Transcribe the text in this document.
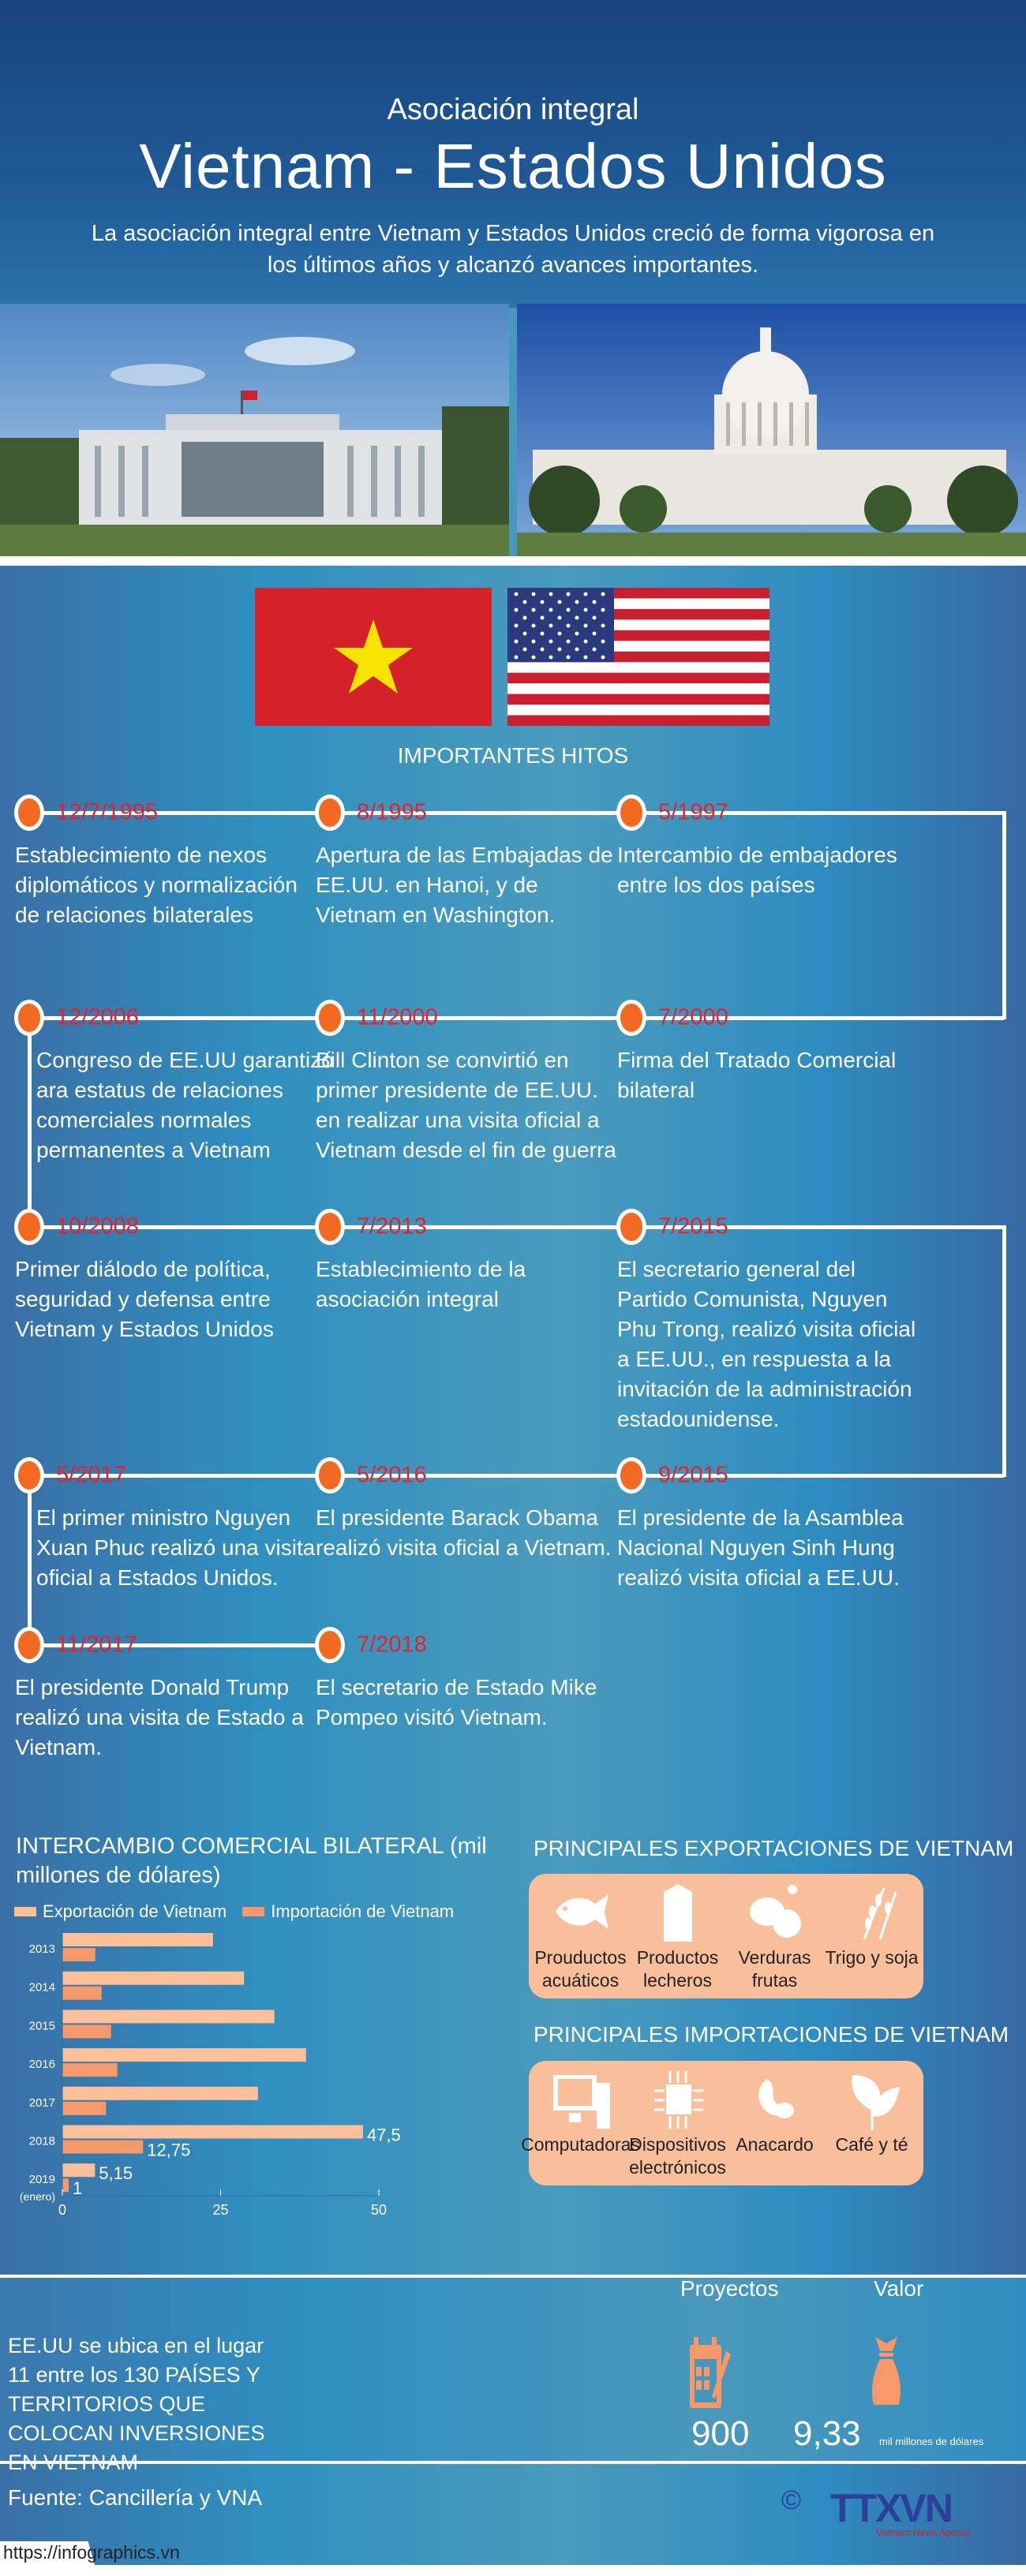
Asociación integral
Vietnam - Estados Unidos
La asociación integral entre Vietnam y Estados Unidos creció de forma vigorosa en los últimos años y alcanzó avances importantes.
IMPORTANTES HITOS
12/7/1995
Establecimiento de nexos diplomáticos y normalización de relaciones bilaterales
8/1995
Apertura de las Embajadas de EE.UU. en Hanoi, y de Vietnam en Washington.
5/1997
Intercambio de embajadores entre los dos países
7/2000
Firma del Tratado Comercial bilateral
11/2000
Bill Clinton se convirtió en primer presidente de EE.UU. en realizar una visita oficial a Vietnam desde el fin de guerra
12/2006
Congreso de EE.UU garantizó ara estatus de relaciones comerciales normales permanentes a Vietnam
10/2008
Primer diálodo de política, seguridad y defensa entre Vietnam y Estados Unidos
7/2013
Establecimiento de la asociación integral
7/2015
El secretario general del Partido Comunista, Nguyen Phu Trong, realizó visita oficial a EE.UU., en respuesta a la invitación de la administración estadounidense.
9/2015
El presidente de la Asamblea Nacional Nguyen Sinh Hung realizó visita oficial a EE.UU.
5/2016
El presidente Barack Obama realizó visita oficial a Vietnam.
5/2017
El primer ministro Nguyen Xuan Phuc realizó una visita oficial a Estados Unidos.
11/2017
El presidente Donald Trump realizó una visita de Estado a Vietnam.
7/2018
El secretario de Estado Mike Pompeo visitó Vietnam.
INTERCAMBIO COMERCIAL BILATERAL (mil millones de dólares)
Exportación de Vietnam	Importación de Vietnam
2013
2014
2015
2016
2017
2018	47,5
12,75
2019	5,15
1
(enero)
0	25	50
PRINCIPALES EXPORTACIONES DE VIETNAM
Prouductos acuáticos
Productos lecheros
Verduras frutas
Trigo y soja
PRINCIPALES IMPORTACIONES DE VIETNAM
Computadoras
Dispositivos electrónicos
Anacardo Café y té
EE.UU se ubica en el lugar 11 entre los 130 PAÍSES Y TERRITORIOS QUE COLOCAN INVERSIONES EN VIETNAM
Proyectos	Valor
900 9,33 mil millones de dólares
Fuente: Cancillería y VNA	© TTXVN
Vietnam News Agency
https://infographics.vn
